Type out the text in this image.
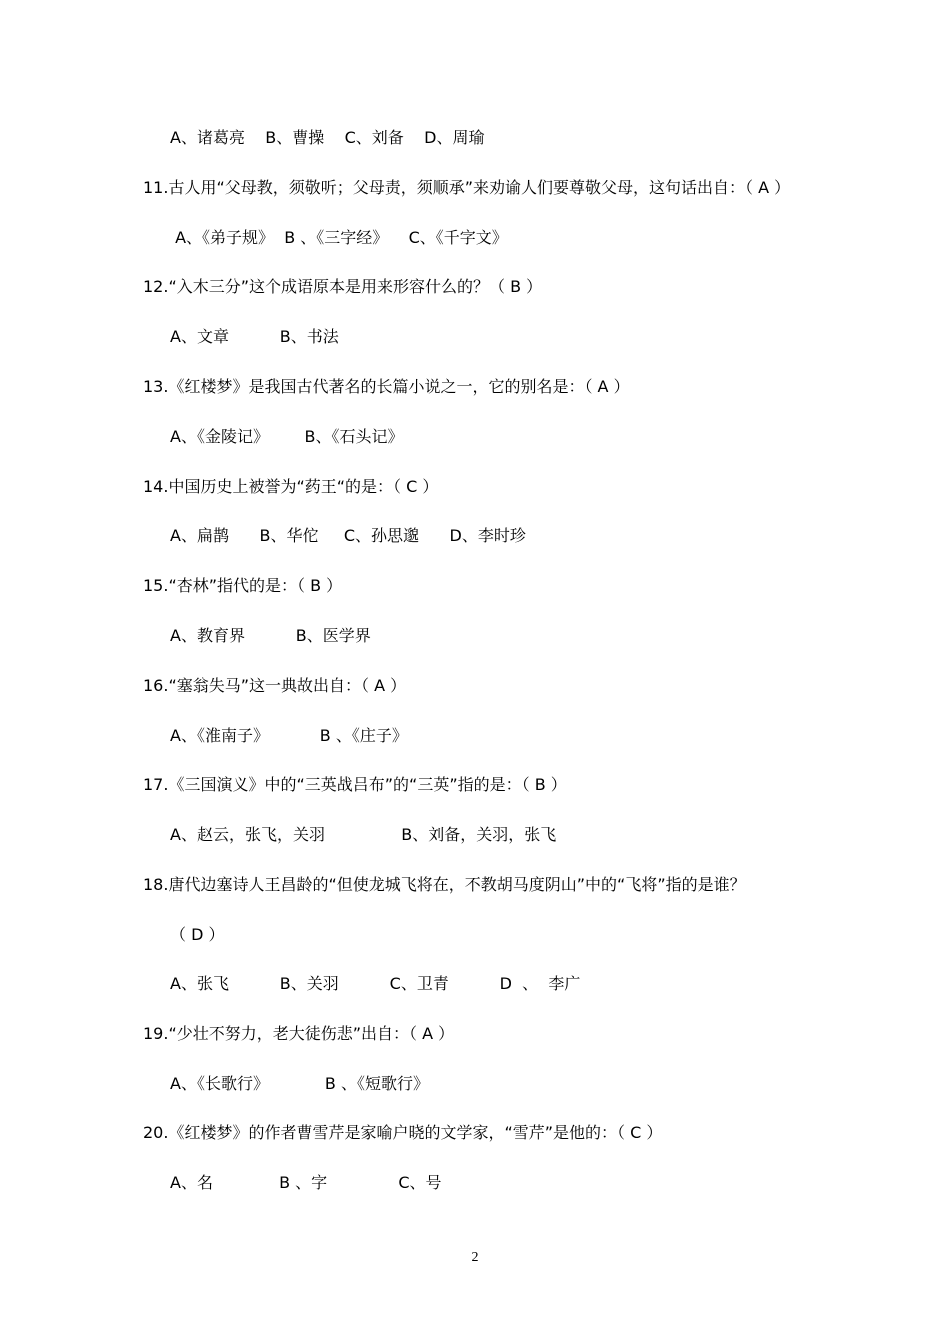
A、诸葛亮    B、曹操    C、刘备    D、周瑜
11.古人用“父母教，须敬听；父母责，须顺承”来劝谕人们要尊敬父母，这句话出自：（ A ）
A、《弟子规》  B 、《三字经》    C、《千字文》
12.“入木三分”这个成语原本是用来形容什么的？（ B ）
A、文章          B、书法
13.《红楼梦》是我国古代著名的长篇小说之一，它的别名是：（ A ）
A、《金陵记》       B、《石头记》
14.中国历史上被誉为“药王“的是：（ C ）
A、扁鹊      B、华佗     C、孙思邈      D、李时珍
15.“杏林”指代的是：（ B ）
A、教育界          B、医学界
16.“塞翁失马”这一典故出自：（ A ）
A、《淮南子》          B 、《庄子》
17.《三国演义》中的“三英战吕布”的“三英”指的是：（ B ）
A、赵云，张飞，关羽               B、刘备，关羽，张飞
18.唐代边塞诗人王昌龄的“但使龙城飞将在，不教胡马度阴山”中的“飞将”指的是谁？
（ D ）
A、张飞          B、关羽          C、卫青          D  、  李广
19.“少壮不努力，老大徒伤悲”出自：（ A ）
A、《长歌行》           B 、《短歌行》
20.《红楼梦》的作者曹雪芹是家喻户晓的文学家，“雪芹”是他的：（ C ）
A、名             B 、字              C、号
2
